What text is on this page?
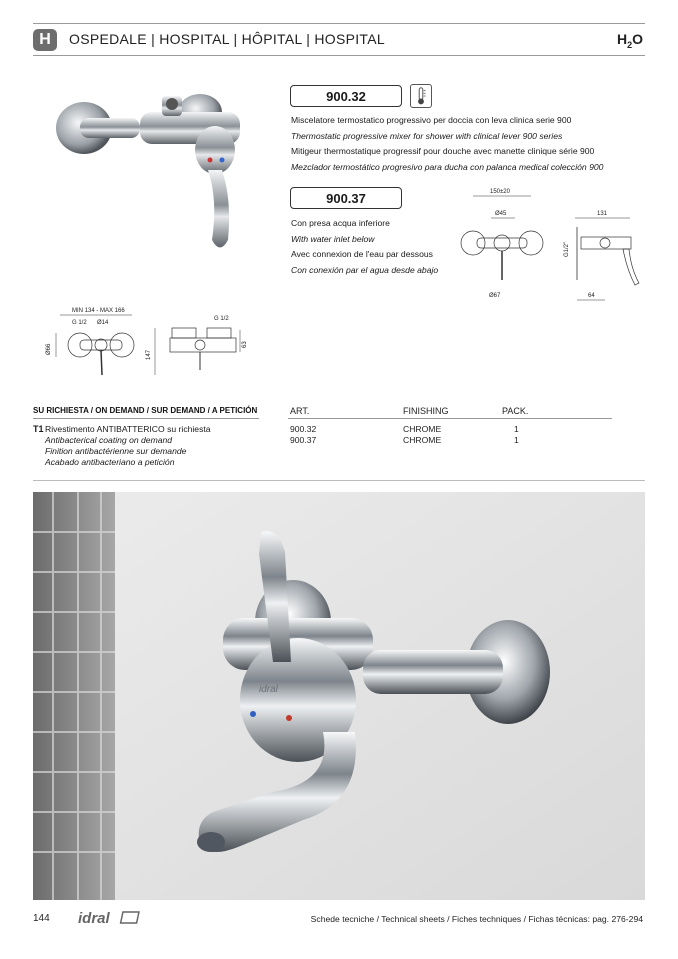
H	OSPEDALE | HOSPITAL | HÔPITAL | HOSPITAL	$H_2O$
MIN 134 - MAX 166
G 1/2 Ø14
Ø66	147
G 1/2
63
900.32
Miscelatore termostatico progressivo per doccia con leva clinica serie 900
Thermostatic progressive mixer for shower with clinical lever 900 series
Mitigeur thermostatique progressif pour douche avec manette clinique série 900
Mezclador termostático progresivo para ducha con palanca medical colección 900
900.37
Con presa acqua inferiore
With water inlet below
Avec connexion de l'eau par dessous
Con conexión par el agua desde abajo
150±20
Ø45
Ø67
131
G1/2"
64
SU RICHIESTA / ON DEMAND / SUR DEMAND / A PETICIÓN
T1 Rivestimento ANTIBATTERICO su richiesta
Antibacterical coating on demand
Finition antibactérienne sur demande
Acabado antibacteriano a petición
ART.	FINISHING	PACK.
900.32	CHROME	1
900.37	CHROME	1
idral
144 idral	Schede tecniche / Technical sheets / Fiches techniques / Fichas técnicas: pag. 276-294
